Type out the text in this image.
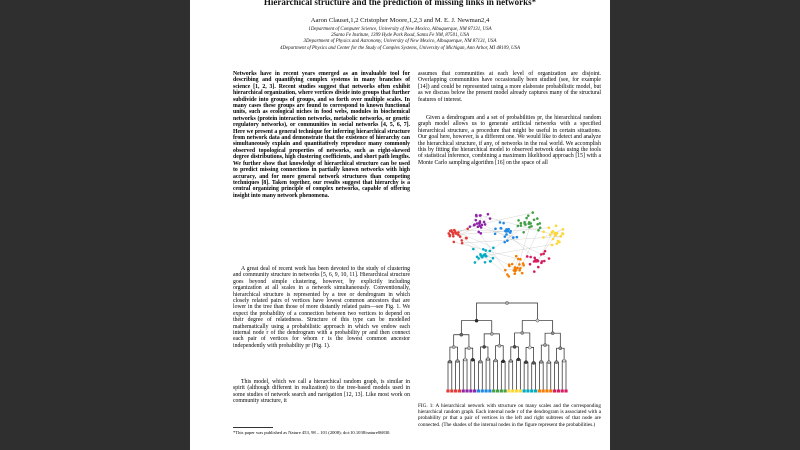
Hierarchical structure and the prediction of missing links in networks*
Aaron Clauset,1,2 Cristopher Moore,1,2,3 and M. E. J. Newman2,4
1Department of Computer Science, University of New Mexico, Albuquerque, NM 87131, USA
2Santa Fe Institute, 1399 Hyde Park Road, Santa Fe NM, 87501, USA
3Department of Physics and Astronomy, University of New Mexico, Albuquerque, NM 87131, USA
4Department of Physics and Center for the Study of Complex Systems, University of Michigan, Ann Arbor, MI 48109, USA

Networks have in recent years emerged as an invaluable tool for describing and quantifying complex systems in many branches of science [1, 2, 3]. Recent studies suggest that networks often exhibit hierarchical organization, where vertices divide into groups that further subdivide into groups of groups, and so forth over multiple scales. In many cases these groups are found to correspond to known functional units, such as ecological niches in food webs, modules in biochemical networks (protein interaction networks, metabolic networks, or genetic regulatory networks), or communities in social networks [4, 5, 6, 7]. Here we present a general technique for inferring hierarchical structure from network data and demonstrate that the existence of hierarchy can simultaneously explain and quantitatively reproduce many commonly observed topological properties of networks, such as right-skewed degree distributions, high clustering coefficients, and short path lengths. We further show that knowledge of hierarchical structure can be used to predict missing connections in partially known networks with high accuracy, and for more general network structures than competing techniques [8]. Taken together, our results suggest that hierarchy is a central organizing principle of complex networks, capable of offering insight into many network phenomena.

A great deal of recent work has been devoted to the study of clustering and community structure in networks [5, 6, 9, 10, 11]. Hierarchical structure goes beyond simple clustering, however, by explicitly including organization at all scales in a network simultaneously. Conventionally, hierarchical structure is represented by a tree or dendrogram in which closely related pairs of vertices have lowest common ancestors that are lower in the tree than those of more distantly related pairs—see Fig. 1. We expect the probability of a connection between two vertices to depend on their degree of relatedness. Structure of this type can be modelled mathematically using a probabilistic approach in which we endow each internal node r of the dendrogram with a probability pr and then connect each pair of vertices for whom r is the lowest common ancestor independently with probability pr (Fig. 1).

This model, which we call a hierarchical random graph, is similar in spirit (although different in realization) to the tree-based models used in some studies of network search and navigation [12, 13]. Like most work on community structure, it

assumes that communities at each level of organization are disjoint. Overlapping communities have occasionally been studied (see, for example [14]) and could be represented using a more elaborate probabilistic model, but as we discuss below the present model already captures many of the structural features of interest.

Given a dendrogram and a set of probabilities pr, the hierarchical random graph model allows us to generate artificial networks with a specified hierarchical structure, a procedure that might be useful in certain situations. Our goal here, however, is a different one. We would like to detect and analyze the hierarchical structure, if any, of networks in the real world. We accomplish this by fitting the hierarchical model to observed network data using the tools of statistical inference, combining a maximum likelihood approach [15] with a Monte Carlo sampling algorithm [16] on the space of all

FIG. 1: A hierarchical network with structure on many scales and the corresponding hierarchical random graph. Each internal node r of the dendrogram is associated with a probability pr that a pair of vertices in the left and right subtrees of that node are connected. (The shades of the internal nodes in the figure represent the probabilities.)

*This paper was published as Nature 453, 98 – 101 (2008); doi:10.1038/nature06830.
